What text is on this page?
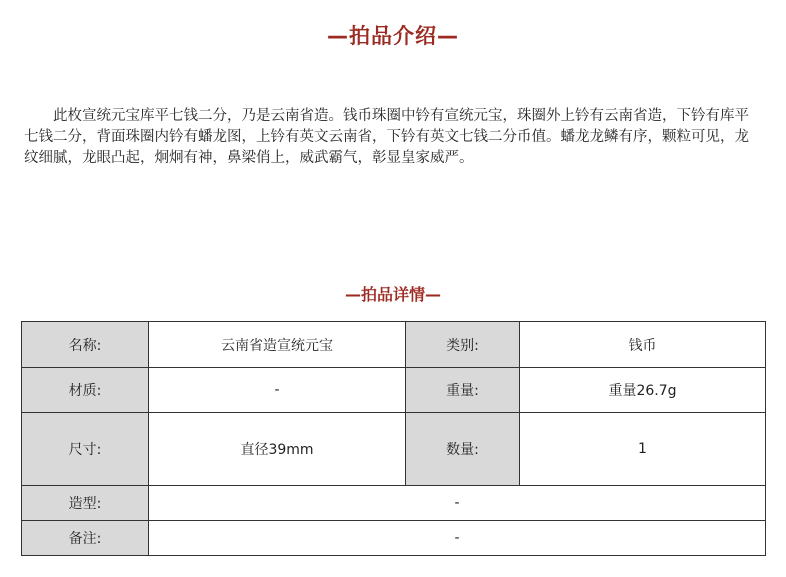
—拍品介绍—

此枚宣统元宝库平七钱二分，乃是云南省造。钱币珠圈中钤有宣统元宝，珠圈外上钤有云南省造，下钤有库平七钱二分，背面珠圈内钤有蟠龙图，上钤有英文云南省，下钤有英文七钱二分币值。蟠龙龙鳞有序，颗粒可见，龙纹细腻，龙眼凸起，炯炯有神，鼻梁俏上，威武霸气，彰显皇家威严。

—拍品详情—
名称:	云南省造宣统元宝	类别:	钱币
材质:	-	重量:	重量26.7g
尺寸:	直径39mm	数量:	1
造型:	-		
备注:	-		
